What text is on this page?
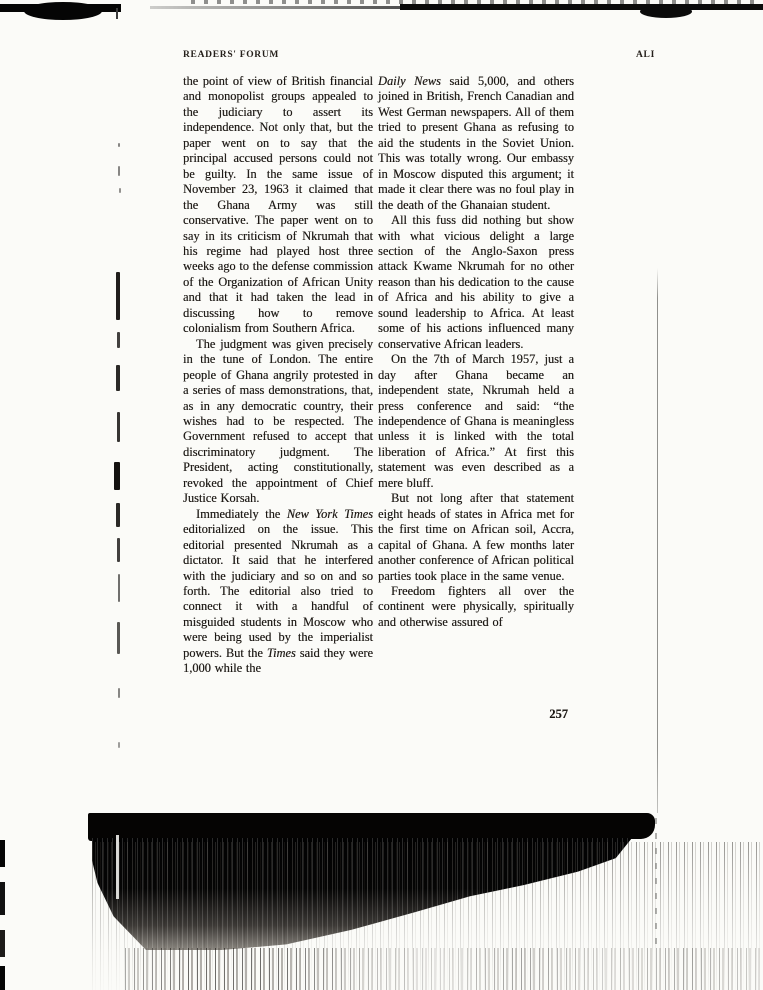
READERS' FORUM	ALI

the point of view of British financial and monopolist groups appealed to the judiciary to assert its independence. Not only that, but the paper went on to say that the principal accused persons could not be guilty. In the same issue of November 23, 1963 it claimed that the Ghana Army was still conservative. The paper went on to say in its criticism of Nkrumah that his regime had played host three weeks ago to the defense commission of the Organization of African Unity and that it had taken the lead in discussing how to remove colonialism from Southern Africa.

The judgment was given precisely in the tune of London. The entire people of Ghana angrily protested in a series of mass demonstrations, that, as in any democratic country, their wishes had to be respected. The Government refused to accept that discriminatory judgment. The President, acting constitutionally, revoked the appointment of Chief Justice Korsah.

Immediately the New York Times editorialized on the issue. This editorial presented Nkrumah as a dictator. It said that he interfered with the judiciary and so on and so forth. The editorial also tried to connect it with a handful of misguided students in Moscow who were being used by the imperialist powers. But the Times said they were 1,000 while the

Daily News said 5,000, and others joined in British, French Canadian and West German newspapers. All of them tried to present Ghana as refusing to aid the students in the Soviet Union. This was totally wrong. Our embassy in Moscow disputed this argument; it made it clear there was no foul play in the death of the Ghanaian student.

All this fuss did nothing but show with what vicious delight a large section of the Anglo-Saxon press attack Kwame Nkrumah for no other reason than his dedication to the cause of Africa and his ability to give a sound leadership to Africa. At least some of his actions influenced many conservative African leaders.

On the 7th of March 1957, just a day after Ghana became an independent state, Nkrumah held a press conference and said: “the independence of Ghana is meaningless unless it is linked with the total liberation of Africa.” At first this statement was even described as a mere bluff.

But not long after that statement eight heads of states in Africa met for the first time on African soil, Accra, capital of Ghana. A few months later another conference of African political parties took place in the same venue.

Freedom fighters all over the continent were physically, spiritually and otherwise assured of

257
